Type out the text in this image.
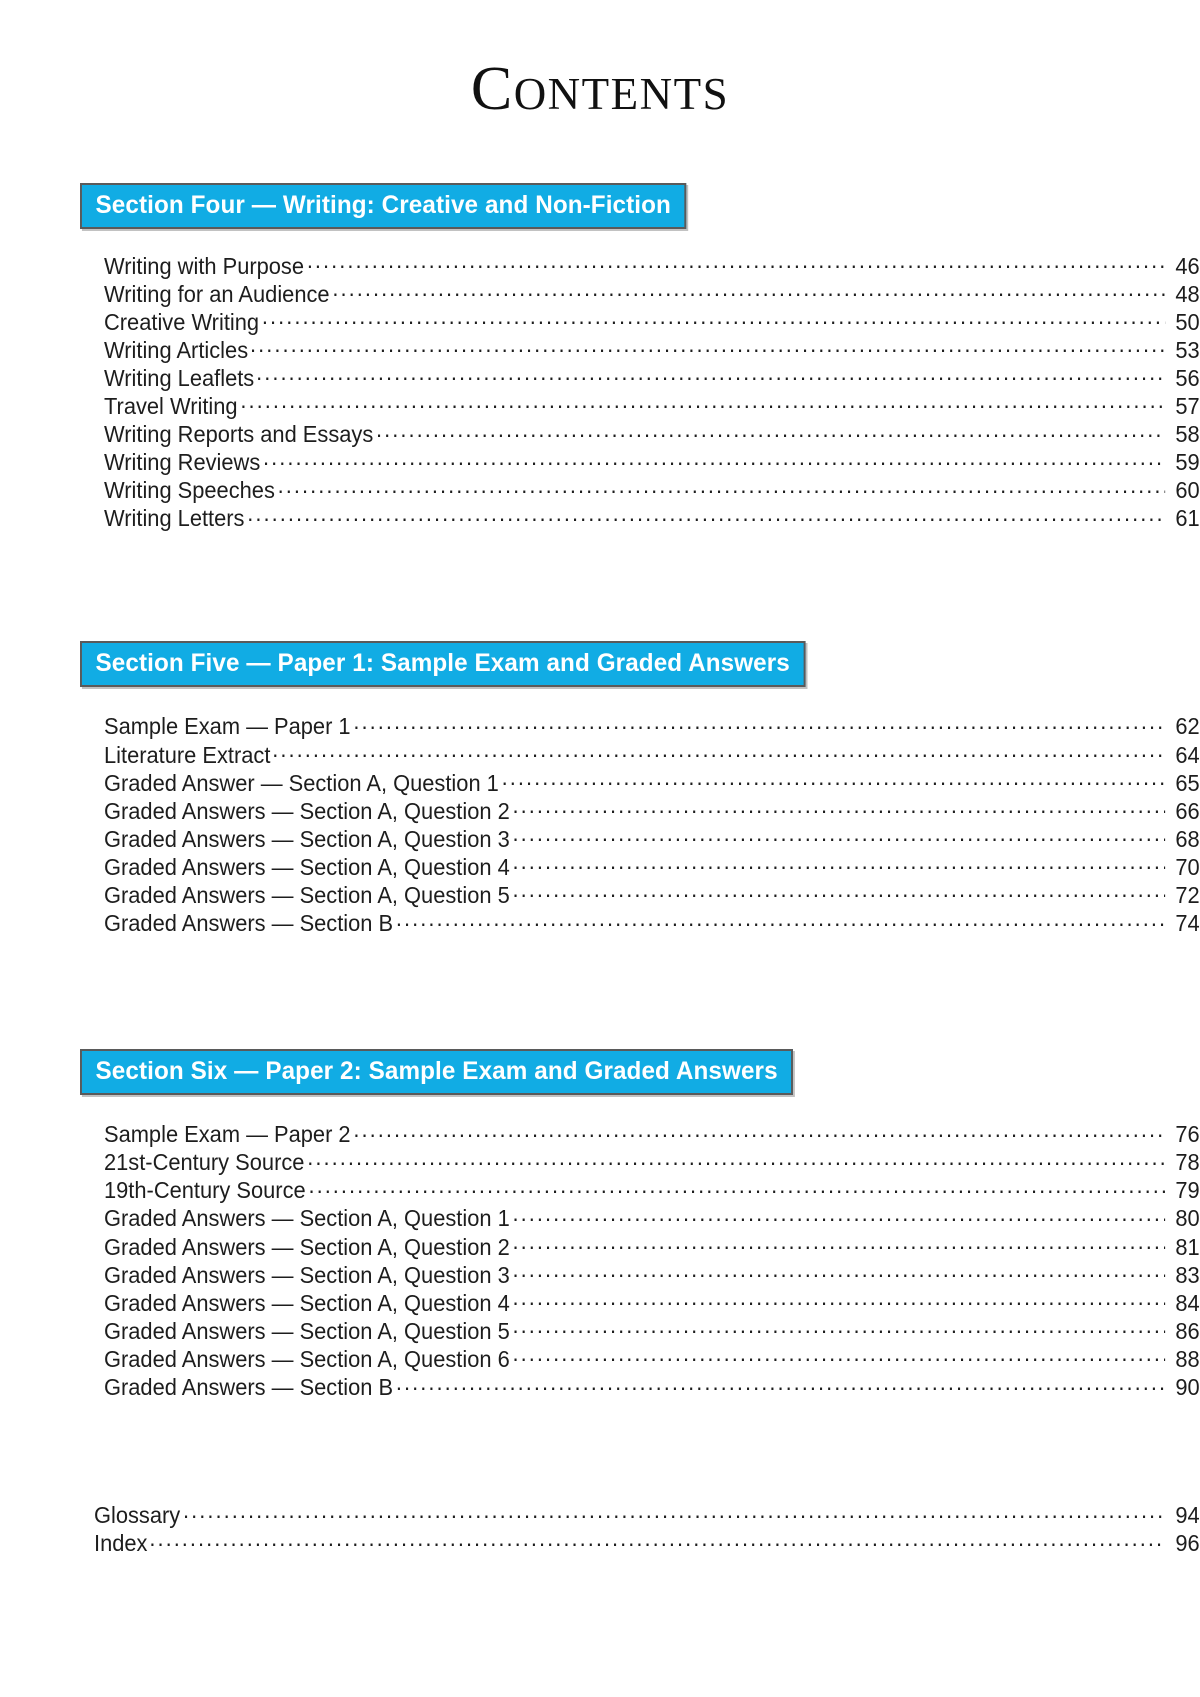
CONTENTS
Section Four — Writing: Creative and Non-Fiction
Writing with Purpose .....	46
Writing for an Audience .....	48
Creative Writing .....	50
Writing Articles .....	53
Writing Leaflets .....	56
Travel Writing .....	57
Writing Reports and Essays .....	58
Writing Reviews .....	59
Writing Speeches .....	60
Writing Letters .....	61
Section Five — Paper 1: Sample Exam and Graded Answers
Sample Exam — Paper 1 .....	62
Literature Extract .....	64
Graded Answer — Section A, Question 1 .....	65
Graded Answers — Section A, Question 2 .....	66
Graded Answers — Section A, Question 3 .....	68
Graded Answers — Section A, Question 4 .....	70
Graded Answers — Section A, Question 5 .....	72
Graded Answers — Section B .....	74
Section Six — Paper 2: Sample Exam and Graded Answers
Sample Exam — Paper 2 .....	76
21st-Century Source .....	78
19th-Century Source .....	79
Graded Answers — Section A, Question 1 .....	80
Graded Answers — Section A, Question 2 .....	81
Graded Answers — Section A, Question 3 .....	83
Graded Answers — Section A, Question 4 .....	84
Graded Answers — Section A, Question 5 .....	86
Graded Answers — Section A, Question 6 .....	88
Graded Answers — Section B .....	90
Glossary .....	94
Index .....	96
